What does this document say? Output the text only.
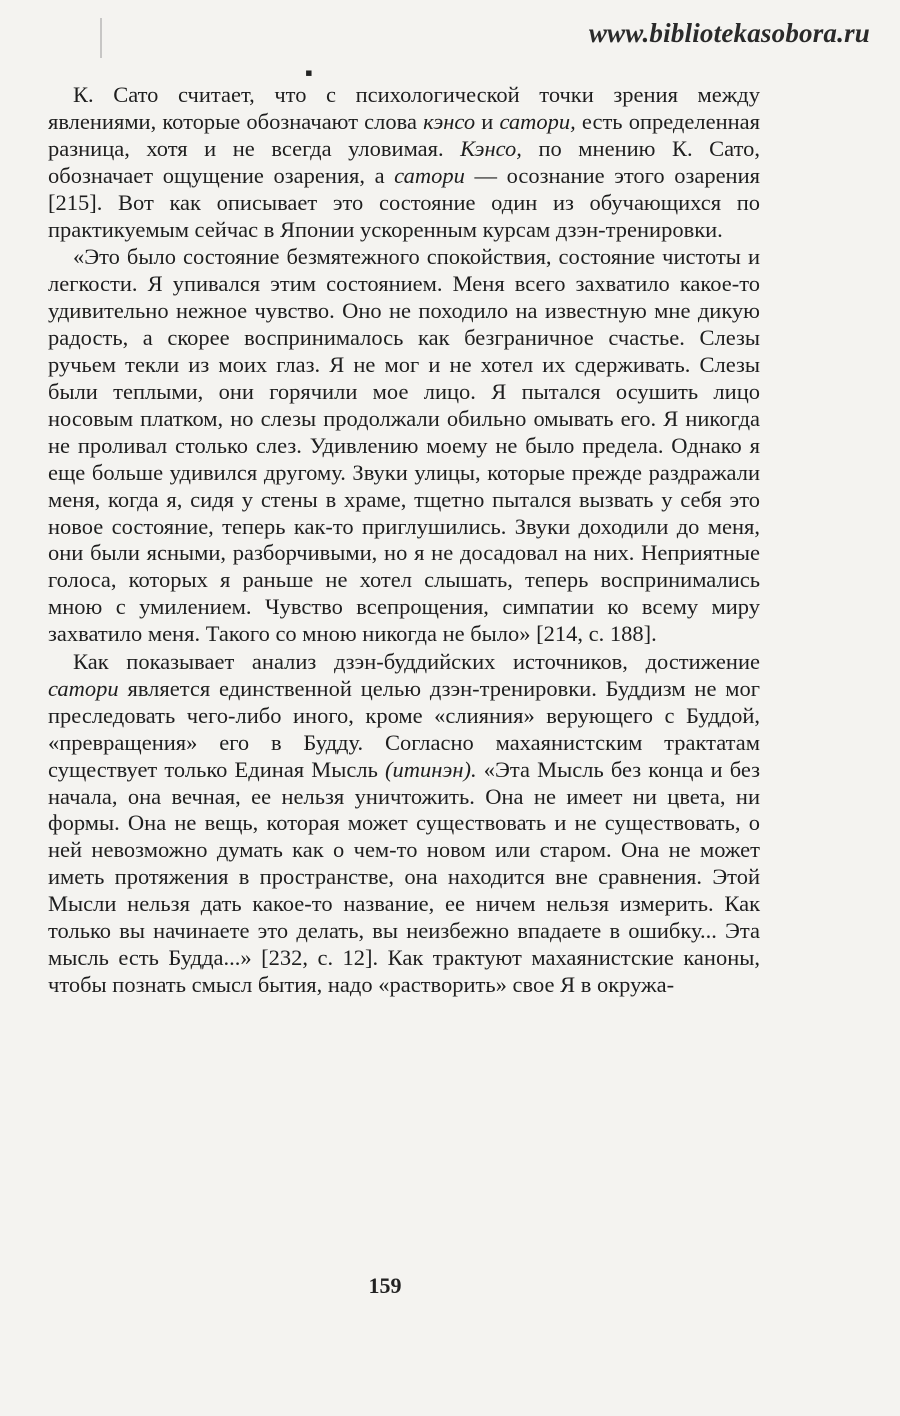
www.bibliotekasobora.ru
▪

К. Сато считает, что с психологической точки зрения между явлениями, которые обозначают слова кэнсо и сатори, есть определенная разница, хотя и не всегда уловимая. Кэнсо, по мнению К. Сато, обозначает ощущение озарения, а сатори — осознание этого озарения [215]. Вот как описывает это состояние один из обучающихся по практикуемым сейчас в Японии ускоренным курсам дзэн-тренировки.

«Это было состояние безмятежного спокойствия, состояние чистоты и легкости. Я упивался этим состоянием. Меня всего захватило какое-то удивительно нежное чувство. Оно не походило на известную мне дикую радость, а скорее воспринималось как безграничное счастье. Слезы ручьем текли из моих глаз. Я не мог и не хотел их сдерживать. Слезы были теплыми, они горячили мое лицо. Я пытался осушить лицо носовым платком, но слезы продолжали обильно омывать его. Я никогда не проливал столько слез. Удивлению моему не было предела. Однако я еще больше удивился другому. Звуки улицы, которые прежде раздражали меня, когда я, сидя у стены в храме, тщетно пытался вызвать у себя это новое состояние, теперь как-то приглушились. Звуки доходили до меня, они были ясными, разборчивыми, но я не досадовал на них. Неприятные голоса, которых я раньше не хотел слышать, теперь воспринимались мною с умилением. Чувство всепрощения, симпатии ко всему миру захватило меня. Такого со мною никогда не было» [214, с. 188].

Как показывает анализ дзэн-буддийских источников, достижение сатори является единственной целью дзэн-тренировки. Буддизм не мог преследовать чего-либо иного, кроме «слияния» верующего с Буддой, «превращения» его в Будду. Согласно махаянистским трактатам существует только Единая Мысль (итинэн). «Эта Мысль без конца и без начала, она вечная, ее нельзя уничтожить. Она не имеет ни цвета, ни формы. Она не вещь, которая может существовать и не существовать, о ней невозможно думать как о чем-то новом или старом. Она не может иметь протяжения в пространстве, она находится вне сравнения. Этой Мысли нельзя дать какое-то название, ее ничем нельзя измерить. Как только вы начинаете это делать, вы неизбежно впадаете в ошибку... Эта мысль есть Будда...» [232, с. 12]. Как трактуют махаянистские каноны, чтобы познать смысл бытия, надо «растворить» свое Я в окружа-

159
